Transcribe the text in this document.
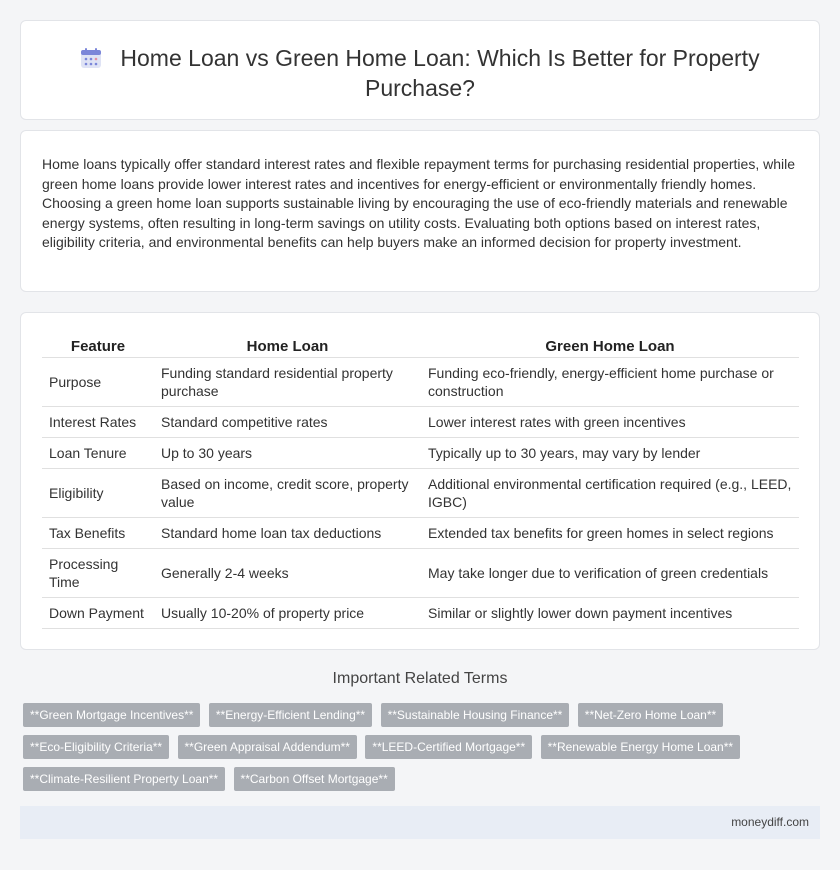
Home Loan vs Green Home Loan: Which Is Better for Property Purchase?

Home loans typically offer standard interest rates and flexible repayment terms for purchasing residential properties, while green home loans provide lower interest rates and incentives for energy-efficient or environmentally friendly homes. Choosing a green home loan supports sustainable living by encouraging the use of eco-friendly materials and renewable energy systems, often resulting in long-term savings on utility costs. Evaluating both options based on interest rates, eligibility criteria, and environmental benefits can help buyers make an informed decision for property investment.

Feature	Home Loan	Green Home Loan
Purpose	Funding standard residential property purchase	Funding eco-friendly, energy-efficient home purchase or construction
Interest Rates	Standard competitive rates	Lower interest rates with green incentives
Loan Tenure	Up to 30 years	Typically up to 30 years, may vary by lender
Eligibility	Based on income, credit score, property value	Additional environmental certification required (e.g., LEED, IGBC)
Tax Benefits	Standard home loan tax deductions	Extended tax benefits for green homes in select regions
Processing Time	Generally 2-4 weeks	May take longer due to verification of green credentials
Down Payment	Usually 10-20% of property price	Similar or slightly lower down payment incentives
Important Related Terms
**Green Mortgage Incentives** **Energy-Efficient Lending** **Sustainable Housing Finance** **Net-Zero Home Loan** **Eco-Eligibility Criteria** **Green Appraisal Addendum** **LEED-Certified Mortgage** **Renewable Energy Home Loan** **Climate-Resilient Property Loan** **Carbon Offset Mortgage**
moneydiff.com
